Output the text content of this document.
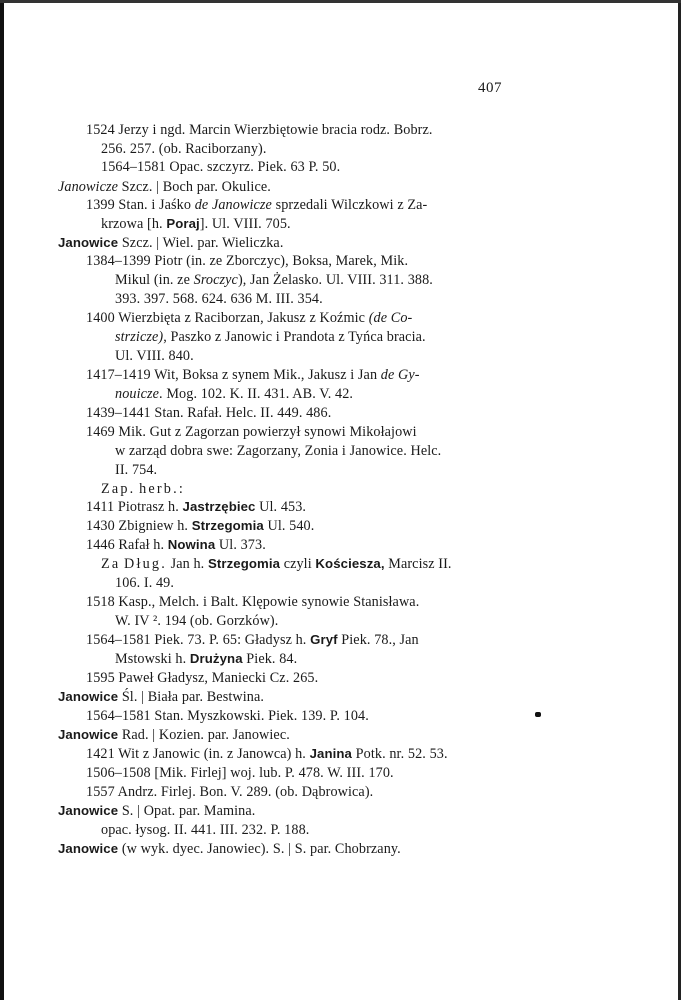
407
1524 Jerzy i ngd. Marcin Wierzbiętowie bracia rodz. Bobrz.
256. 257. (ob. Raciborzany).
1564–1581 Opac. szczyrz. Piek. 63 P. 50.
Janowicze Szcz. | Boch par. Okulice.
1399 Stan. i Jaśko de Janowicze sprzedali Wilczkowi z Za-
krzowa [h. Poraj]. Ul. VIII. 705.
Janowice Szcz. | Wiel. par. Wieliczka.
1384–1399 Piotr (in. ze Zborczyc), Boksa, Marek, Mik.
Mikul (in. ze Sroczyc), Jan Żelasko. Ul. VIII. 311. 388.
393. 397. 568. 624. 636 M. III. 354.
1400 Wierzbięta z Raciborzan, Jakusz z Koźmic (de Co-
strzicze), Paszko z Janowic i Prandota z Tyńca bracia.
Ul. VIII. 840.
1417–1419 Wit, Boksa z synem Mik., Jakusz i Jan de Gy-
nouicze. Mog. 102. K. II. 431. AB. V. 42.
1439–1441 Stan. Rafał. Helc. II. 449. 486.
1469 Mik. Gut z Zagorzan powierzył synowi Mikołajowi
w zarząd dobra swe: Zagorzany, Zonia i Janowice. Helc.
II. 754.
Zap. herb.:
1411 Piotrasz h. Jastrzębiec Ul. 453.
1430 Zbigniew h. Strzegomia Ul. 540.
1446 Rafał h. Nowina Ul. 373.
Za Dług. Jan h. Strzegomia czyli Kościesza, Marcisz II.
106. I. 49.
1518 Kasp., Melch. i Balt. Klępowie synowie Stanisława.
W. IV ². 194 (ob. Gorzków).
1564–1581 Piek. 73. P. 65: Gładysz h. Gryf Piek. 78., Jan
Mstowski h. Drużyna Piek. 84.
1595 Paweł Gładysz, Maniecki Cz. 265.
Janowice Śl. | Biała par. Bestwina.
1564–1581 Stan. Myszkowski. Piek. 139. P. 104.
Janowice Rad. | Kozien. par. Janowiec.
1421 Wit z Janowic (in. z Janowca) h. Janina Potk. nr. 52. 53.
1506–1508 [Mik. Firlej] woj. lub. P. 478. W. III. 170.
1557 Andrz. Firlej. Bon. V. 289. (ob. Dąbrowica).
Janowice S. | Opat. par. Mamina.
opac. łysog. II. 441. III. 232. P. 188.
Janowice (w wyk. dyec. Janowiec). S. | S. par. Chobrzany.
